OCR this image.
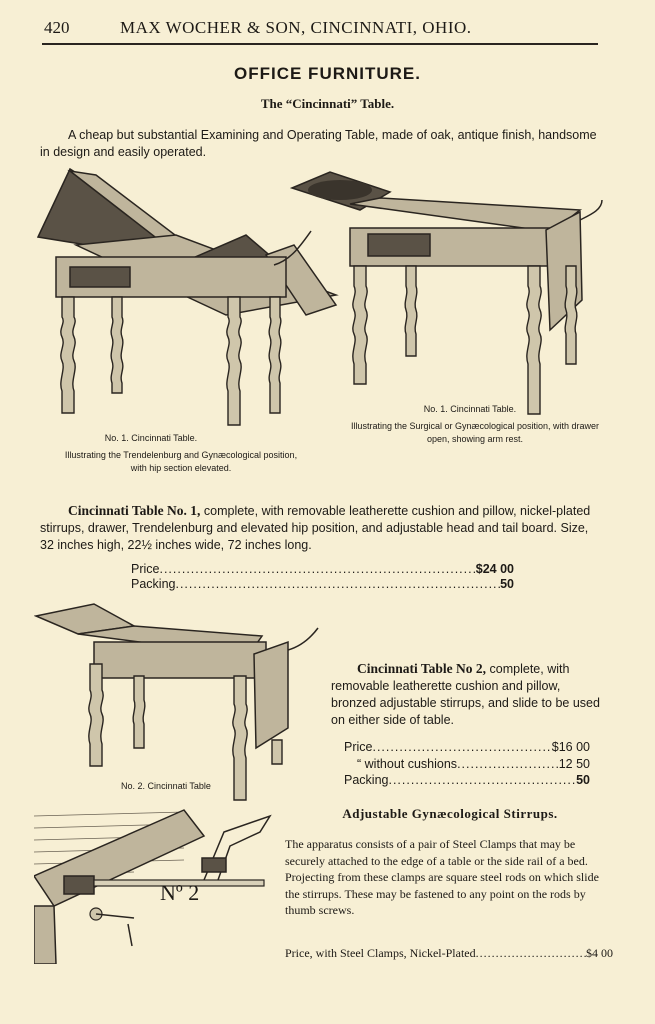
420	MAX WOCHER & SON, CINCINNATI, OHIO.
OFFICE FURNITURE.
The “Cincinnati” Table.
A cheap but substantial Examining and Operating Table, made of oak, antique finish, handsome in design and easily operated.
No. 1. Cincinnati Table.
Illustrating the Trendelenburg and Gynæcological position, with hip section elevated.
No. 1. Cincinnati Table.
Illustrating the Surgical or Gynæcological position, with drawer open, showing arm rest.
Cincinnati Table No. 1, complete, with removable leatherette cushion and pillow, nickel-plated stirrups, drawer, Trendelenburg and elevated hip position, and adjustable head and tail board. Size, 32 inches high, 22½ inches wide, 72 inches long.
Price .....	$24 00
Packing .....	50
No. 2. Cincinnati Table
Cincinnati Table No 2, complete, with removable leatherette cushion and pillow, bronzed adjustable stirrups, and slide to be used on either side of table.
Price .....	$16 00
“ without cushions .....	12 50
Packing .....	50
Nº 2
Adjustable Gynæcological Stirrups.
The apparatus consists of a pair of Steel Clamps that may be securely attached to the edge of a table or the side rail of a bed. Projecting from these clamps are square steel rods on which slide the stirrups. These may be fastened to any point on the rods by thumb screws.
Price, with Steel Clamps, Nickel-Plated .....	$4 00
